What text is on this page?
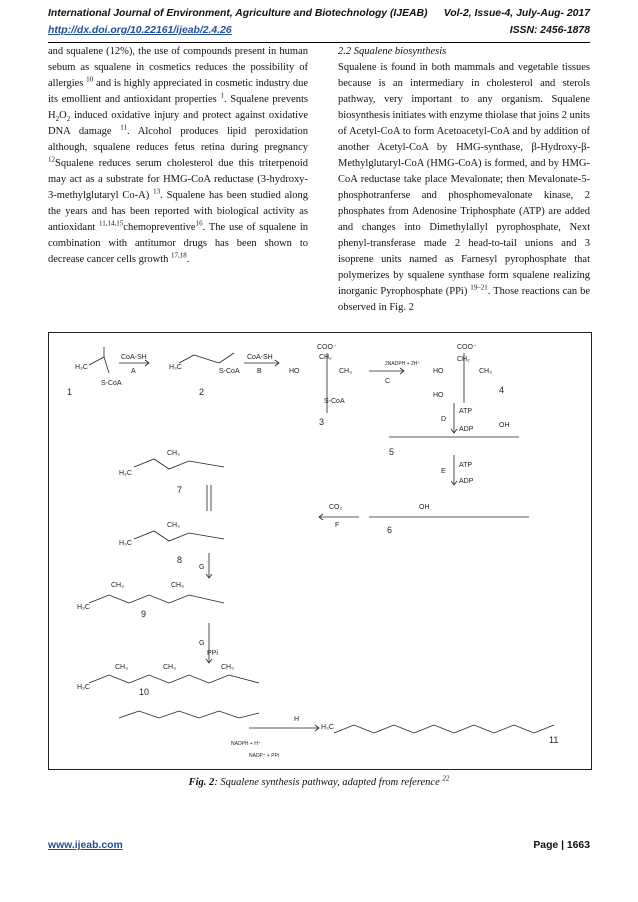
International Journal of Environment, Agriculture and Biotechnology (IJEAB) Vol-2, Issue-4, July-Aug- 2017
http://dx.doi.org/10.22161/ijeab/2.4.26	ISSN: 2456-1878
and squalene (12%), the use of compounds present in human sebum as squalene in cosmetics reduces the possibility of allergies $^{10}$ and is highly appreciated in cosmetic industry due its emollient and antioxidant properties $^1$. Squalene prevents $H_2O_2$ induced oxidative injury and protect against oxidative DNA damage $^{11}$. Alcohol produces lipid peroxidation although, squalene reduces fetus retina during pregnancy $^{12}$Squalene reduces serum cholesterol due this triterpenoid may act as a substrate for HMG-CoA reductase (3-hydroxy-3-methylglutaryl Co-A) $^{13}$. Squalene has been studied along the years and has been reported with biological activity as antioxidant $^{11,14,15}$chemopreventive$^{16}$. The use of squalene in combination with antitumor drugs has been shown to decrease cancer cells growth $^{17,18}$.
2.2 Squalene biosynthesis
Squalene is found in both mammals and vegetable tissues because is an intermediary in cholesterol and sterols pathway, very important to any organism. Squalene biosynthesis initiates with enzyme thiolase that joins 2 units of Acetyl-CoA to form Acetoacetyl-CoA and by addition of another Acetyl-CoA by HMG-synthase, β-Hydroxy-β-Methylglutaryl-CoA (HMG-CoA) is formed, and by HMG-CoA reductase take place Mevalonate; then Mevalonate-5-phosphotranferse and phosphomevalonate kinase, 2 phosphates from Adenosine Triphosphate (ATP) are added and changes into Dimethylallyl pyrophosphate, Next phenyl-transferase made 2 head-to-tail unions and 3 isoprene units named as Farnesyl pyrophosphate that polymerizes by squalene synthase form squalene realizing inorganic Pyrophosphate (PPi) $^{19-21}$. Those reactions can be observed in Fig. 2
H₃C
S-CoA
CoA-SH
A
1
H₃C
S-CoA
2
CoA-SH
B
COO⁻
CH₂
HO	CH₃
S-CoA
3
2NADPH + 2H⁺
C
COO⁻
CH₂
HO	CH₃
HO
4
D
ATP
ADP
OH
5
E
ATP
ADP
CO₂
F
OH
6
CH₃
H₃C
7
CH₃
H₃C
8
G
CH₃	CH₃
H₃C
9
G
PPi
CH₃	CH₃	CH₃
H₃C	10
H
NADPH + H⁺
NADP⁺ + PPi
H₃C
11
Fig. 2: Squalene synthesis pathway, adapted from reference $^{22}$
www.ijeab.com	Page | 1663
